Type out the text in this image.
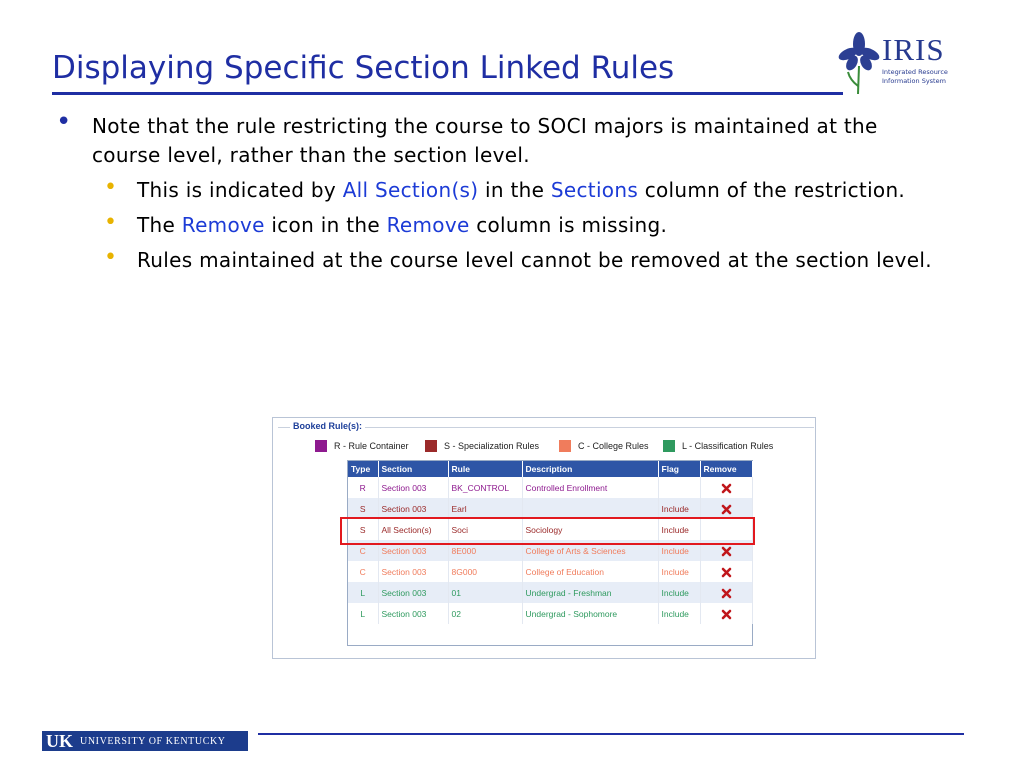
Displaying Specific Section Linked Rules
IRIS
Integrated Resource
Information System
• Note that the rule restricting the course to SOCI majors is maintained at the course level, rather than the section level.
• This is indicated by All Section(s) in the Sections column of the restriction.
• The Remove icon in the Remove column is missing.
• Rules maintained at the course level cannot be removed at the section level.
Booked Rule(s):
R - Rule Container	S - Specialization Rules	C - College Rules	L - Classification Rules
Type	Section	Rule	Description	Flag	Remove
R	Section 003	BK_CONTROL	Controlled Enrollment		
S	Section 003	Earl		Include	
S	All Section(s)	Soci	Sociology	Include	
C	Section 003	8E000	College of Arts & Sciences	Include	
C	Section 003	8G000	College of Education	Include	
L	Section 003	01	Undergrad - Freshman	Include	
L	Section 003	02	Undergrad - Sophomore	Include	
UK UNIVERSITY OF KENTUCKY
